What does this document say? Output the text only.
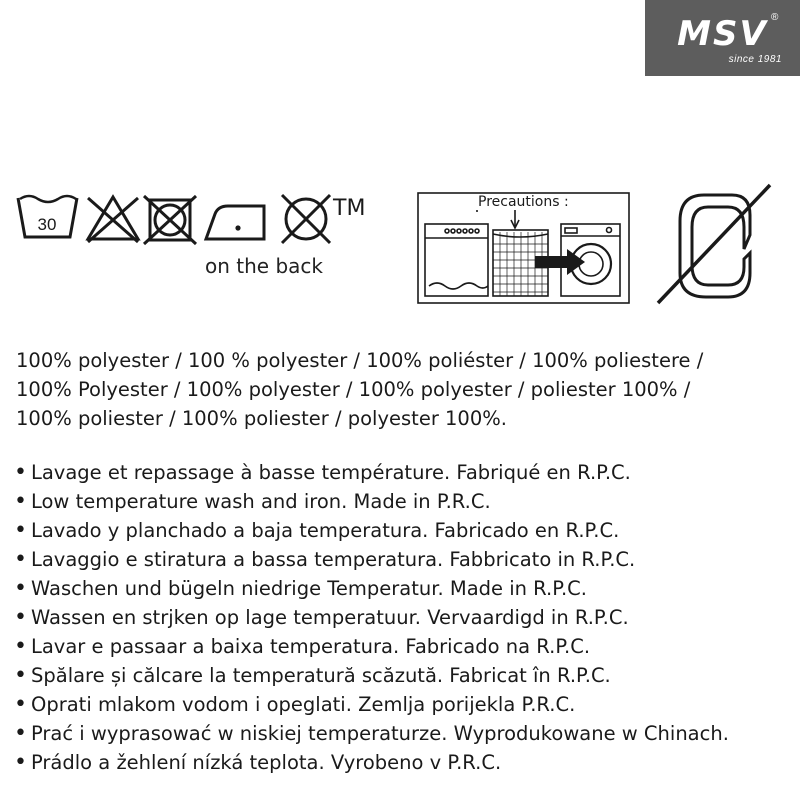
MSV ®
since 1981
30
TM
on the back
Precautions :
100% polyester / 100 % polyester / 100% poliéster / 100% poliestere /
100% Polyester / 100% polyester / 100% polyester / poliester 100% /
100% poliester / 100% poliester / polyester 100%.
• Lavage et repassage à basse température. Fabriqué en R.P.C.
• Low temperature wash and iron. Made in P.R.C.
• Lavado y planchado a baja temperatura. Fabricado en R.P.C.
• Lavaggio e stiratura a bassa temperatura. Fabbricato in R.P.C.
• Waschen und bügeln niedrige Temperatur. Made in R.P.C.
• Wassen en strjken op lage temperatuur. Vervaardigd in R.P.C.
• Lavar e passaar a baixa temperatura. Fabricado na R.P.C.
• Spălare și călcare la temperatură scăzută. Fabricat în R.P.C.
• Oprati mlakom vodom i opeglati. Zemlja porijekla P.R.C.
• Prać i wyprasować w niskiej temperaturze. Wyprodukowane w Chinach.
• Prádlo a žehlení nízká teplota. Vyrobeno v P.R.C.
